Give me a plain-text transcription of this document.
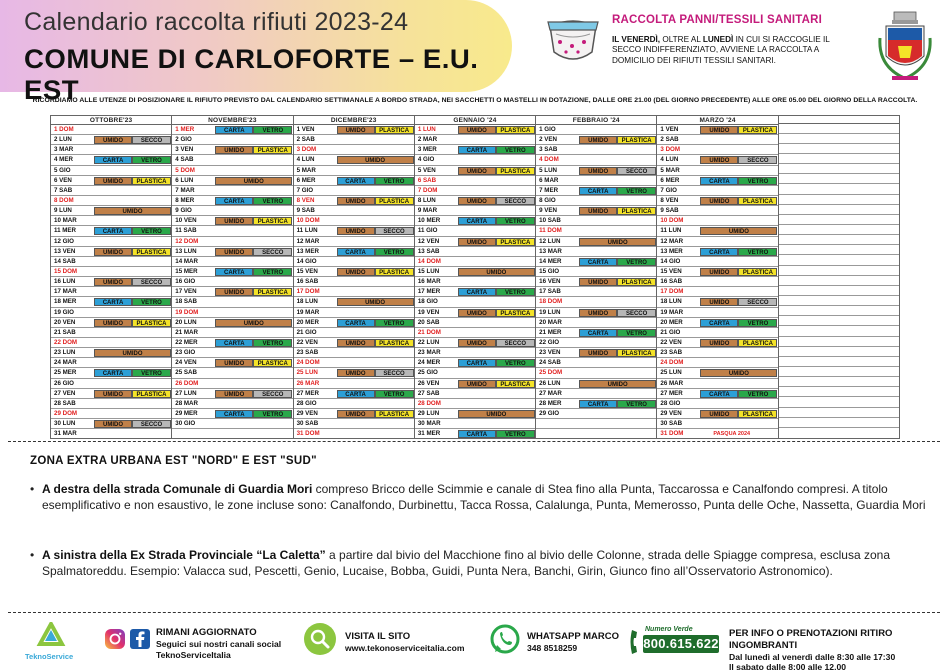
Calendario raccolta rifiuti 2023-24
COMUNE DI CARLOFORTE – E.U. EST
RACCOLTA PANNI/TESSILI SANITARI
IL VENERDÌ, OLTRE AL LUNEDÌ IN CUI SI RACCOGLIE IL SECCO INDIFFERENZIATO, AVVIENE LA RACCOLTA A DOMICILIO DEI RIFIUTI TESSILI SANITARI.
RICORDIAMO ALLE UTENZE DI POSIZIONARE IL RIFIUTO PREVISTO DAL CALENDARIO SETTIMANALE A BORDO STRADA, NEI SACCHETTI O MASTELLI IN DOTAZIONE, DALLE ORE 21.00 (DEL GIORNO PRECEDENTE) ALLE ORE 05.00 DEL GIORNO DELLA RACCOLTA.
OTTOBRE'23
1 DOM
2 LUN	UMIDO	SECCO
3 MAR
4 MER	CARTA	VETRO
5 GIO
6 VEN	UMIDO	PLASTICA
7 SAB
8 DOM
9 LUN	UMIDO
10 MAR
11 MER	CARTA	VETRO
12 GIO
13 VEN	UMIDO	PLASTICA
14 SAB
15 DOM
16 LUN	UMIDO	SECCO
17 MAR
18 MER	CARTA	VETRO
19 GIO
20 VEN	UMIDO	PLASTICA
21 SAB
22 DOM
23 LUN	UMIDO
24 MAR
25 MER	CARTA	VETRO
26 GIO
27 VEN	UMIDO	PLASTICA
28 SAB
29 DOM
30 LUN	UMIDO	SECCO
31 MAR
NOVEMBRE'23
1 MER	CARTA	VETRO
2 GIO
3 VEN	UMIDO	PLASTICA
4 SAB
5 DOM
6 LUN	UMIDO
7 MAR
8 MER	CARTA	VETRO
9 GIO
10 VEN	UMIDO	PLASTICA
11 SAB
12 DOM
13 LUN	UMIDO	SECCO
14 MAR
15 MER	CARTA	VETRO
16 GIO
17 VEN	UMIDO	PLASTICA
18 SAB
19 DOM
20 LUN	UMIDO
21 MAR
22 MER	CARTA	VETRO
23 GIO
24 VEN	UMIDO	PLASTICA
25 SAB
26 DOM
27 LUN	UMIDO	SECCO
28 MAR
29 MER	CARTA	VETRO
30 GIO
DICEMBRE'23
1 VEN	UMIDO	PLASTICA
2 SAB
3 DOM
4 LUN	UMIDO
5 MAR
6 MER	CARTA	VETRO
7 GIO
8 VEN	UMIDO	PLASTICA
9 SAB
10 DOM
11 LUN	UMIDO	SECCO
12 MAR
13 MER	CARTA	VETRO
14 GIO
15 VEN	UMIDO	PLASTICA
16 SAB
17 DOM
18 LUN	UMIDO
19 MAR
20 MER	CARTA	VETRO
21 GIO
22 VEN	UMIDO	PLASTICA
23 SAB
24 DOM
25 LUN	UMIDO	SECCO
26 MAR
27 MER	CARTA	VETRO
28 GIO
29 VEN	UMIDO	PLASTICA
30 SAB
31 DOM
GENNAIO '24
1 LUN	UMIDO	PLASTICA
2 MAR
3 MER	CARTA	VETRO
4 GIO
5 VEN	UMIDO	PLASTICA
6 SAB
7 DOM
8 LUN	UMIDO	SECCO
9 MAR
10 MER	CARTA	VETRO
11 GIO
12 VEN	UMIDO	PLASTICA
13 SAB
14 DOM
15 LUN	UMIDO
16 MAR
17 MER	CARTA	VETRO
18 GIO
19 VEN	UMIDO	PLASTICA
20 SAB
21 DOM
22 LUN	UMIDO	SECCO
23 MAR
24 MER	CARTA	VETRO
25 GIO
26 VEN	UMIDO	PLASTICA
27 SAB
28 DOM
29 LUN	UMIDO
30 MAR
31 MER	CARTA	VETRO
FEBBRAIO '24
1 GIO
2 VEN	UMIDO	PLASTICA
3 SAB
4 DOM
5 LUN	UMIDO	SECCO
6 MAR
7 MER	CARTA	VETRO
8 GIO
9 VEN	UMIDO	PLASTICA
10 SAB
11 DOM
12 LUN	UMIDO
13 MAR
14 MER	CARTA	VETRO
15 GIO
16 VEN	UMIDO	PLASTICA
17 SAB
18 DOM
19 LUN	UMIDO	SECCO
20 MAR
21 MER	CARTA	VETRO
22 GIO
23 VEN	UMIDO	PLASTICA
24 SAB
25 DOM
26 LUN	UMIDO
27 MAR
28 MER	CARTA	VETRO
29 GIO
MARZO '24
1 VEN	UMIDO	PLASTICA
2 SAB
3 DOM
4 LUN	UMIDO	SECCO
5 MAR
6 MER	CARTA	VETRO
7 GIO
8 VEN	UMIDO	PLASTICA
9 SAB
10 DOM
11 LUN	UMIDO
12 MAR
13 MER	CARTA	VETRO
14 GIO
15 VEN	UMIDO	PLASTICA
16 SAB
17 DOM
18 LUN	UMIDO	SECCO
19 MAR
20 MER	CARTA	VETRO
21 GIO
22 VEN	UMIDO	PLASTICA
23 SAB
24 DOM
25 LUN	UMIDO
26 MAR
27 MER	CARTA	VETRO
28 GIO
29 VEN	UMIDO	PLASTICA
30 SAB
31 DOM	PASQUA 2024
ZONA EXTRA URBANA EST "NORD" E EST "SUD"
• A destra della strada Comunale di Guardia Mori compreso Bricco delle Scimmie e canale di Stea fino alla Punta, Taccarossa e Canalfondo compresi. A titolo esemplificativo e non esaustivo, le zone incluse sono: Canalfondo, Durbinettu, Tacca Rossa, Calalunga, Punta, Memerosso, Punta delle Oche, Nassetta, Guardia Mori
• A sinistra della Ex Strada Provinciale “La Caletta” a partire dal bivio del Macchione fino al bivio delle Colonne, strada delle Spiagge compresa, esclusa zona Spalmatoreddu. Esempio: Valacca sud, Pescetti, Genio, Lucaise, Bobba, Guidi, Punta Nera, Banchi, Girin, Giunco fino all’Osservatorio Astronomico).
TeknoService
RIMANI AGGIORNATO
Seguici sui nostri canali social
TeknoServiceItalia
VISITA IL SITO
www.tekonoserviceitalia.com
WHATSAPP MARCO
348 8518259
Numero Verde
800.615.622
PER INFO O PRENOTAZIONI RITIRO INGOMBRANTI
Dal lunedì al venerdì dalle 8:30 alle 17:30
Il sabato dalle 8:00 alle 12.00
